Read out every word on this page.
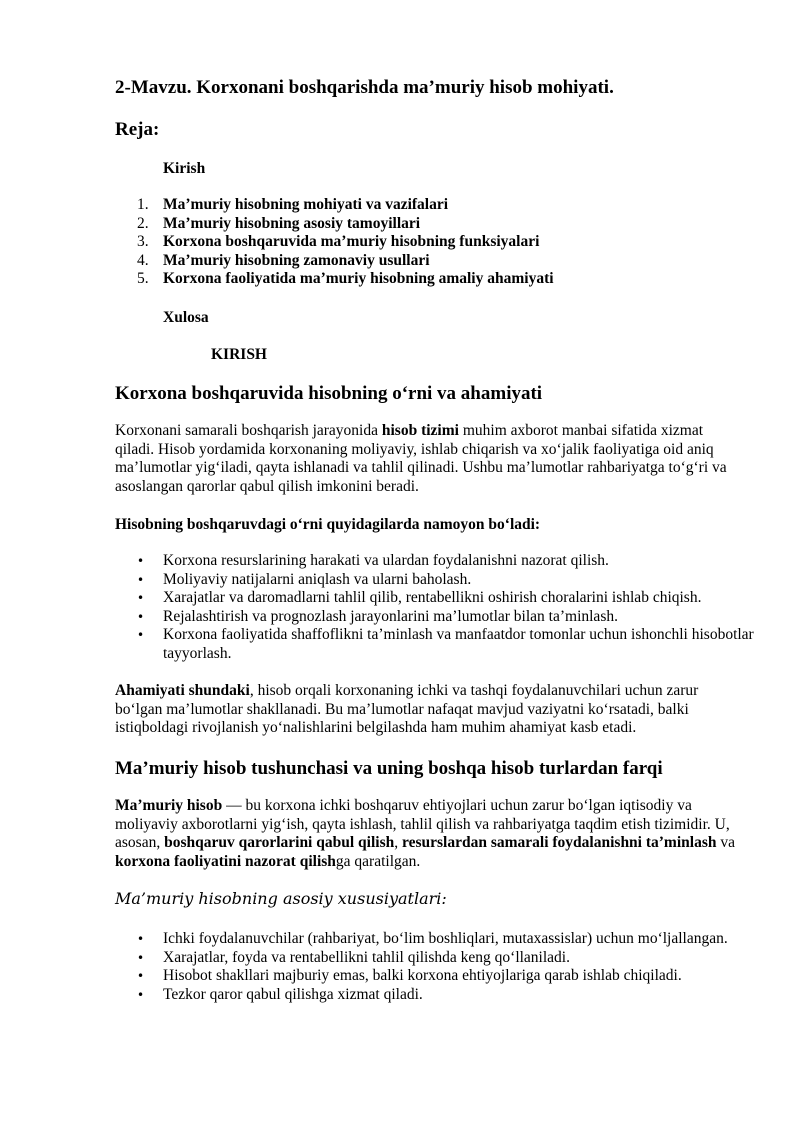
2-Mavzu. Korxonani boshqarishda ma’muriy hisob mohiyati.
Reja:
Kirish
1. Ma’muriy hisobning mohiyati va vazifalari
2. Ma’muriy hisobning asosiy tamoyillari
3. Korxona boshqaruvida ma’muriy hisobning funksiyalari
4. Ma’muriy hisobning zamonaviy usullari
5. Korxona faoliyatida ma’muriy hisobning amaliy ahamiyati
Xulosa
KIRISH
Korxona boshqaruvida hisobning o‘rni va ahamiyati

Korxonani samarali boshqarish jarayonida hisob tizimi muhim axborot manbai sifatida xizmat qiladi. Hisob yordamida korxonaning moliyaviy, ishlab chiqarish va xo‘jalik faoliyatiga oid aniq ma’lumotlar yig‘iladi, qayta ishlanadi va tahlil qilinadi. Ushbu ma’lumotlar rahbariyatga to‘g‘ri va asoslangan qarorlar qabul qilish imkonini beradi.

Hisobning boshqaruvdagi o‘rni quyidagilarda namoyon bo‘ladi:
•	Korxona resurslarining harakati va ulardan foydalanishni nazorat qilish.
•	Moliyaviy natijalarni aniqlash va ularni baholash.
•	Xarajatlar va daromadlarni tahlil qilib, rentabellikni oshirish choralarini ishlab chiqish.
•	Rejalashtirish va prognozlash jarayonlarini ma’lumotlar bilan ta’minlash.
•	Korxona faoliyatida shaffoflikni ta’minlash va manfaatdor tomonlar uchun ishonchli hisobotlar tayyorlash.

Ahamiyati shundaki, hisob orqali korxonaning ichki va tashqi foydalanuvchilari uchun zarur bo‘lgan ma’lumotlar shakllanadi. Bu ma’lumotlar nafaqat mavjud vaziyatni ko‘rsatadi, balki istiqboldagi rivojlanish yo‘nalishlarini belgilashda ham muhim ahamiyat kasb etadi.

Ma’muriy hisob tushunchasi va uning boshqa hisob turlardan farqi

Ma’muriy hisob — bu korxona ichki boshqaruv ehtiyojlari uchun zarur bo‘lgan iqtisodiy va moliyaviy axborotlarni yig‘ish, qayta ishlash, tahlil qilish va rahbariyatga taqdim etish tizimidir. U, asosan, boshqaruv qarorlarini qabul qilish, resurslardan samarali foydalanishni ta’minlash va korxona faoliyatini nazorat qilishga qaratilgan.

Ma’muriy hisobning asosiy xususiyatlari:
•	Ichki foydalanuvchilar (rahbariyat, bo‘lim boshliqlari, mutaxassislar) uchun mo‘ljallangan.
•	Xarajatlar, foyda va rentabellikni tahlil qilishda keng qo‘llaniladi.
•	Hisobot shakllari majburiy emas, balki korxona ehtiyojlariga qarab ishlab chiqiladi.
•	Tezkor qaror qabul qilishga xizmat qiladi.
